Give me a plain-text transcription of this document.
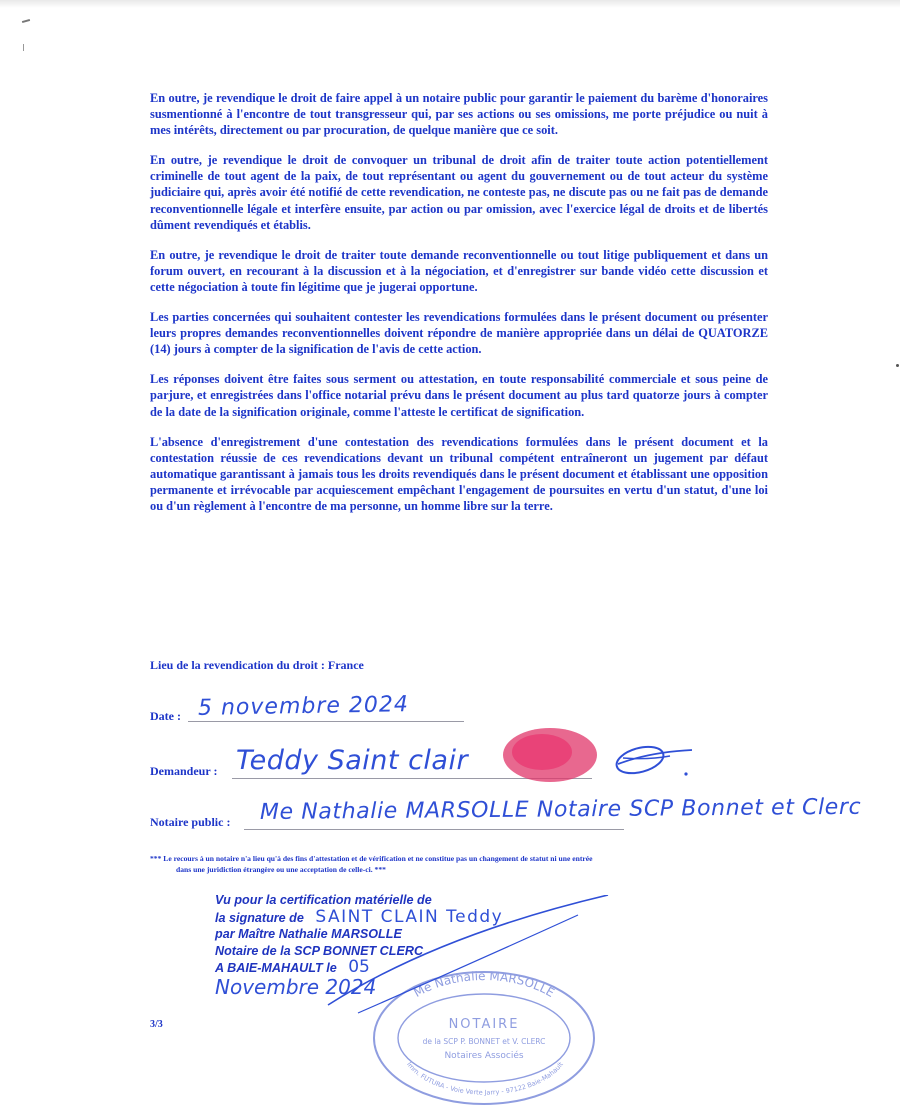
En outre, je revendique le droit de faire appel à un notaire public pour garantir le paiement du barème d'honoraires susmentionné à l'encontre de tout transgresseur qui, par ses actions ou ses omissions, me porte préjudice ou nuit à mes intérêts, directement ou par procuration, de quelque manière que ce soit.

En outre, je revendique le droit de convoquer un tribunal de droit afin de traiter toute action potentiellement criminelle de tout agent de la paix, de tout représentant ou agent du gouvernement ou de tout acteur du système judiciaire qui, après avoir été notifié de cette revendication, ne conteste pas, ne discute pas ou ne fait pas de demande reconventionnelle légale et interfère ensuite, par action ou par omission, avec l'exercice légal de droits et de libertés dûment revendiqués et établis.

En outre, je revendique le droit de traiter toute demande reconventionnelle ou tout litige publiquement et dans un forum ouvert, en recourant à la discussion et à la négociation, et d'enregistrer sur bande vidéo cette discussion et cette négociation à toute fin légitime que je jugerai opportune.

Les parties concernées qui souhaitent contester les revendications formulées dans le présent document ou présenter leurs propres demandes reconventionnelles doivent répondre de manière appropriée dans un délai de QUATORZE (14) jours à compter de la signification de l'avis de cette action.

Les réponses doivent être faites sous serment ou attestation, en toute responsabilité commerciale et sous peine de parjure, et enregistrées dans l'office notarial prévu dans le présent document au plus tard quatorze jours à compter de la date de la signification originale, comme l'atteste le certificat de signification.

L'absence d'enregistrement d'une contestation des revendications formulées dans le présent document et la contestation réussie de ces revendications devant un tribunal compétent entraîneront un jugement par défaut automatique garantissant à jamais tous les droits revendiqués dans le présent document et établissant une opposition permanente et irrévocable par acquiescement empêchant l'engagement de poursuites en vertu d'un statut, d'une loi ou d'un règlement à l'encontre de ma personne, un homme libre sur la terre.

Lieu de la revendication du droit : France
Date : 5 novembre 2024
Demandeur : Teddy Saint clair
Notaire public : Me Nathalie MARSOLLE Notaire SCP Bonnet et Clerc
*** Le recours à un notaire n'a lieu qu'à des fins d'attestation et de vérification et ne constitue pas un changement de statut ni une entrée
dans une juridiction étrangère ou une acceptation de celle-ci. ***
Me Nathalie MARSOLLE
NOTAIRE
de la SCP P. BONNET et V. CLERC
Notaires Associés
Imm. FUTURA - Voie Verte Jarry - 97122 Baie-Mahault
Vu pour la certification matérielle de
la signature de SAINT CLAIN Teddy
par Maître Nathalie MARSOLLE
Notaire de la SCP BONNET CLERC
A BAIE-MAHAULT le 05
Novembre 2024
3/3
